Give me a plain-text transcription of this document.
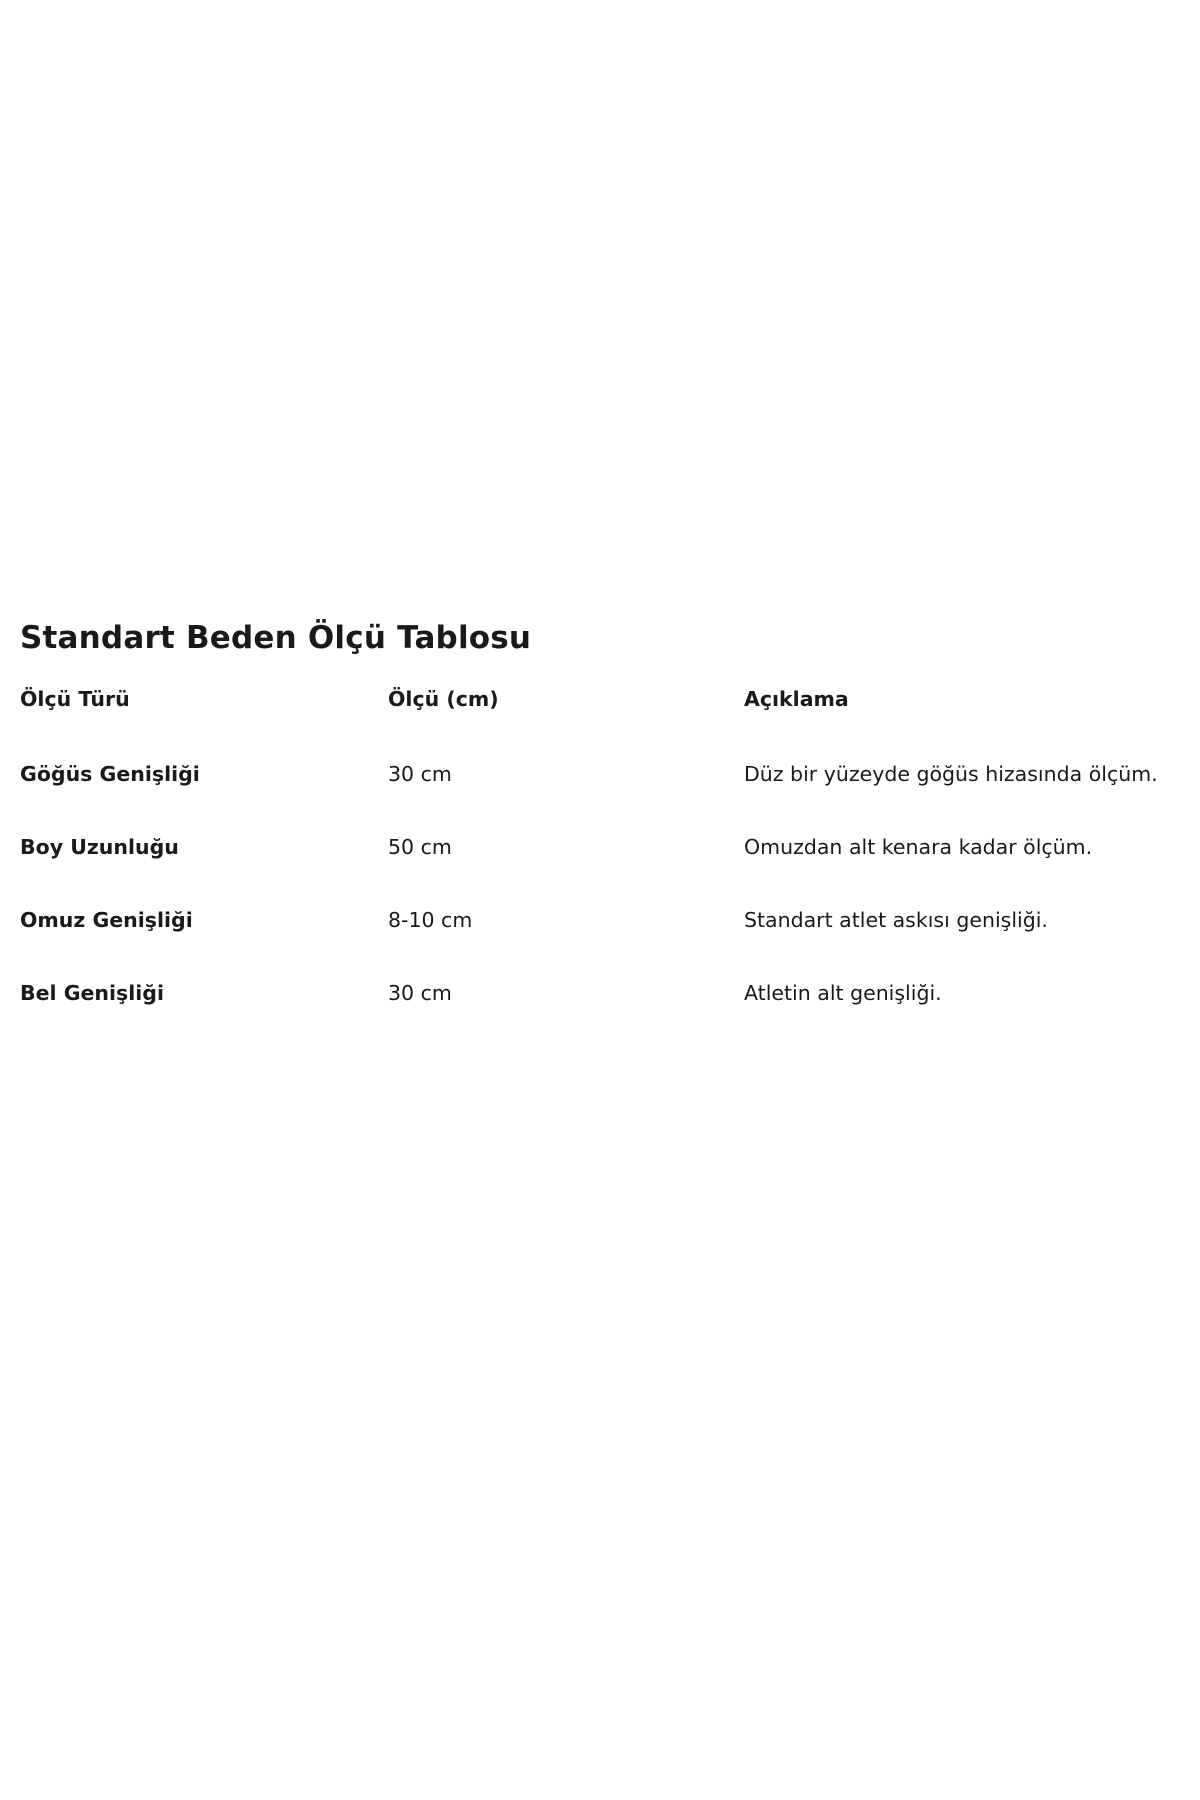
Standart Beden Ölçü Tablosu
Ölçü Türü	Ölçü (cm)	Açıklama
Göğüs Genişliği	30 cm	Düz bir yüzeyde göğüs hizasında ölçüm.
Boy Uzunluğu	50 cm	Omuzdan alt kenara kadar ölçüm.
Omuz Genişliği	8-10 cm	Standart atlet askısı genişliği.
Bel Genişliği	30 cm	Atletin alt genişliği.
